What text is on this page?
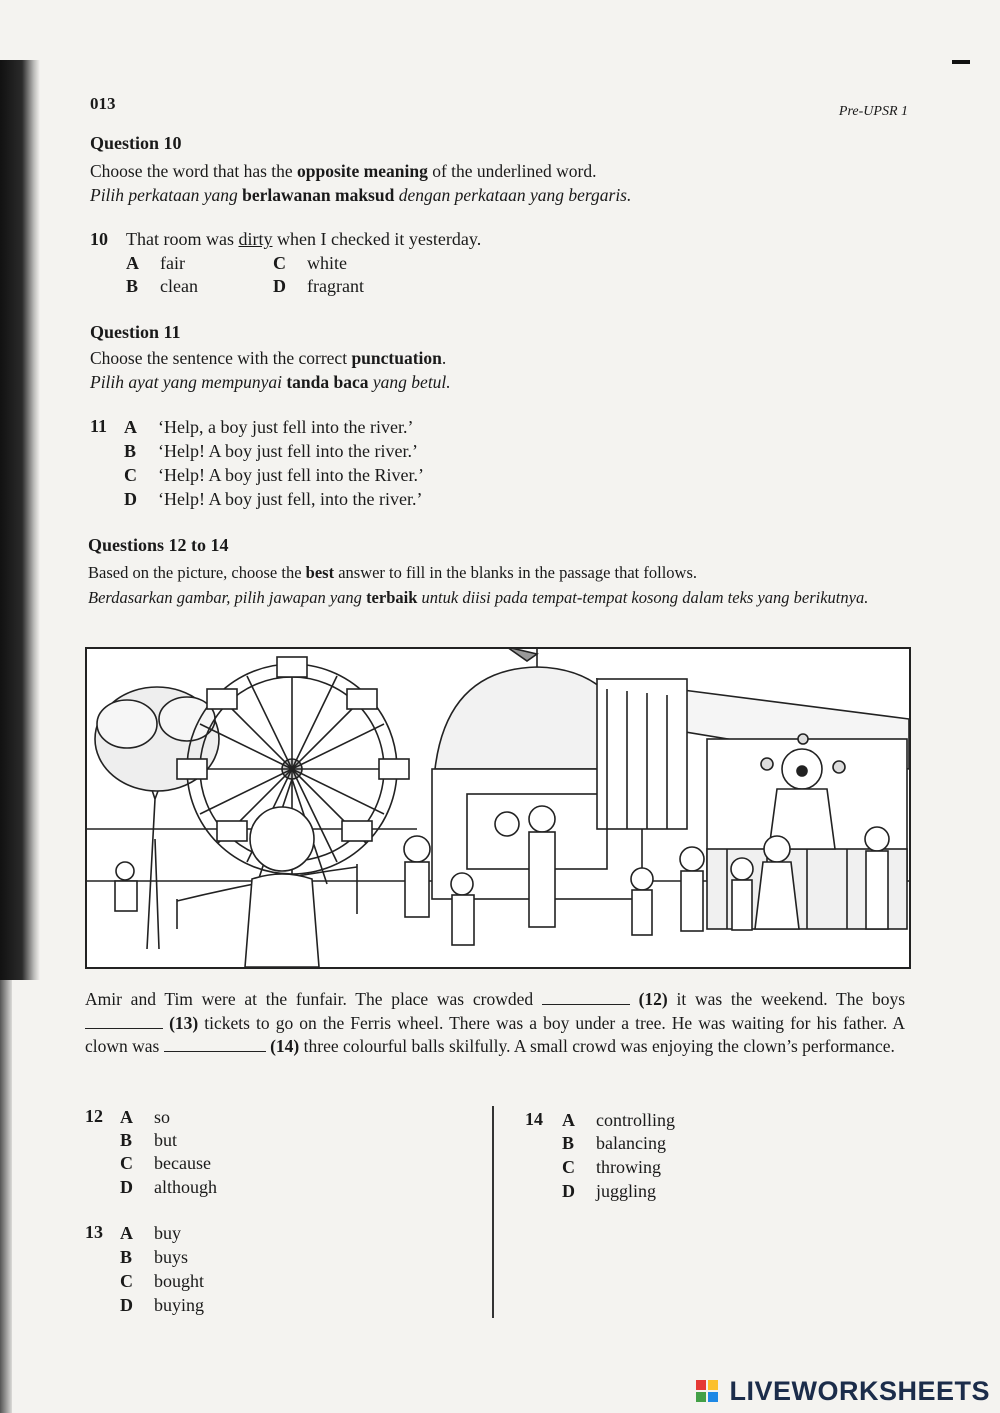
013	Pre-UPSR 1
Question 10
Choose the word that has the opposite meaning of the underlined word.
Pilih perkataan yang berlawanan maksud dengan perkataan yang bergaris.
10 That room was dirty when I checked it yesterday.
A fair
B clean
C white
D fragrant
Question 11
Choose the sentence with the correct punctuation.
Pilih ayat yang mempunyai tanda baca yang betul.
11 A ‘Help, a boy just fell into the river.’
B ‘Help! A boy just fell into the river.’
C ‘Help! A boy just fell into the River.’
D ‘Help! A boy just fell, into the river.’
Questions 12 to 14
Based on the picture, choose the best answer to fill in the blanks in the passage that follows.
Berdasarkan gambar, pilih jawapan yang terbaik untuk diisi pada tempat-tempat kosong dalam teks yang berikutnya.
Amir and Tim were at the funfair. The place was crowded	(12) it was the weekend. The boys  (13) tickets to go on the Ferris wheel. There was a boy under a tree. He was waiting for his father. A clown was	(14) three colourful balls skilfully. A small crowd was enjoying the clown’s performance.
12 A so
B but
C because
D although
13 A buy
B buys
C bought
D buying
14	A controlling
B balancing
C throwing
D juggling
LIVEWORKSHEETS
